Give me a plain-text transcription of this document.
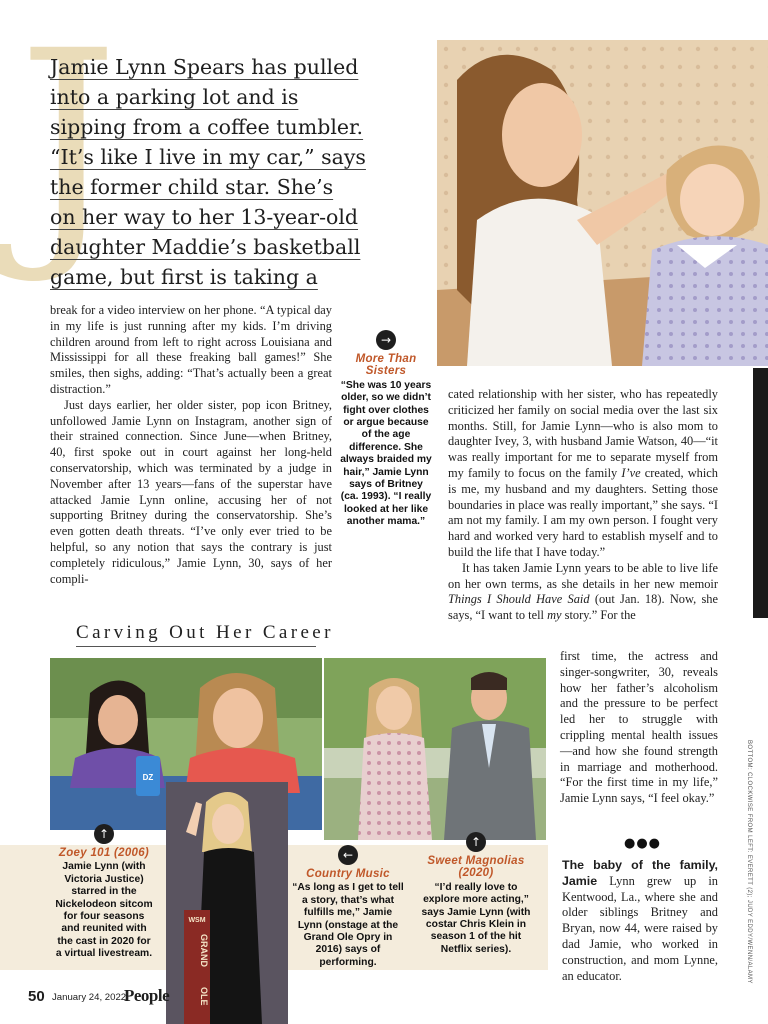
J
Jamie Lynn Spears has pulled
into a parking lot and is
sipping from a coffee tumbler.
“It’s like I live in my car,” says
the former child star. She’s
on her way to her 13-year-old
daughter Maddie’s basketball
game, but first is taking a

break for a video interview on her phone. “A typical day in my life is just running after my kids. I’m driving children around from left to right across Louisiana and Mississippi for all these freaking ball games!” She smiles, then sighs, adding: “That’s actually been a great distraction.”

Just days earlier, her older sister, pop icon Britney, unfollowed Jamie Lynn on Instagram, another sign of their strained connection. Since June—when Britney, 40, first spoke out in court against her long-held conservatorship, which was terminated by a judge in November after 13 years—fans of the superstar have attacked Jamie Lynn online, accusing her of not supporting Britney during the conservatorship. She’s even gotten death threats. “I’ve only ever tried to be helpful, so any notion that says the contrary is just completely ridiculous,” Jamie Lynn, 30, says of her compli-

→
More Than Sisters
“She was 10 years older, so we didn’t fight over clothes or argue because of the age difference. She always braided my hair,” Jamie Lynn says of Britney (ca. 1993). “I really looked at her like another mama.”

cated relationship with her sister, who has repeatedly criticized her family on social media over the last six months. Still, for Jamie Lynn—who is also mom to daughter Ivey, 3, with husband Jamie Watson, 40—“it was really important for me to separate myself from my family to focus on the family I’ve created, which is me, my husband and my daughters. Setting those boundaries in place was really important,” she says. “I am not my family. I am my own person. I fought very hard and worked very hard to establish myself and to build the life that I have today.”

It has taken Jamie Lynn years to be able to live life on her own terms, as she details in her new memoir Things I Should Have Said (out Jan. 18). Now, she says, “I want to tell my story.” For the

first time, the actress and singer-songwriter, 30, reveals how her father’s alcoholism and the pressure to be perfect led her to struggle with crippling mental health issues—and how she found strength in marriage and motherhood. “For the first time in my life,” Jamie Lynn says, “I feel okay.”

●●●

The baby of the family, Jamie Lynn grew up in Kentwood, La., where she and older siblings Britney and Bryan, now 44, were raised by dad Jamie, who worked in construction, and mom Lynne, an educator.

Carving Out Her Career
DZ
WSM
GRAND
OLE
↑
Zoey 101 (2006)
Jamie Lynn (with Victoria Justice) starred in the Nickelodeon sitcom for four seasons and reunited with the cast in 2020 for a virtual livestream.
←
Country Music
“As long as I get to tell a story, that’s what fulfills me,” Jamie Lynn (onstage at the Grand Ole Opry in 2016) says of performing.
↑
Sweet Magnolias (2020)
“I’d really love to explore more acting,” says Jamie Lynn (with costar Chris Klein in season 1 of the hit Netflix series).	BOTTOM: CLOCKWISE FROM LEFT: EVERETT (2); JUDY EDDY/WENN/ALAMY
50 January 24, 2022
People
